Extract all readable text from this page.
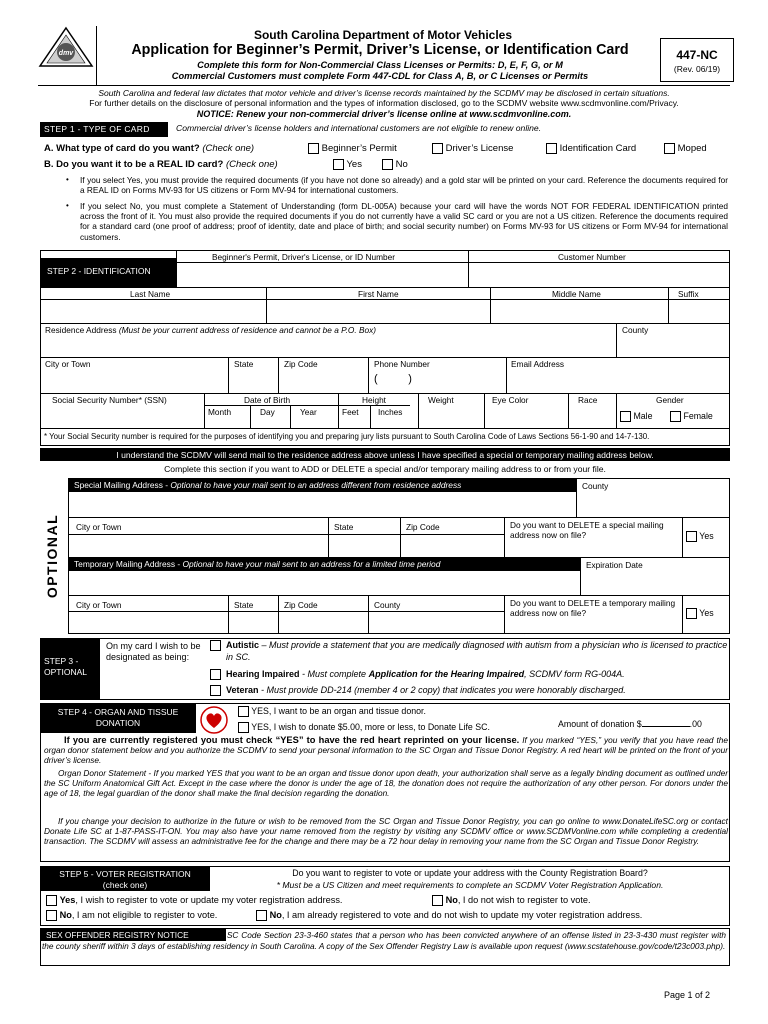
dmv
South Carolina Department of Motor Vehicles
Application for Beginner’s Permit, Driver’s License, or Identification Card
Complete this form for Non-Commercial Class Licenses or Permits: D, E, F, G, or M
Commercial Customers must complete Form 447-CDL for Class A, B, or C Licenses or Permits
447-NC
(Rev. 06/19)
South Carolina and federal law dictates that motor vehicle and driver’s license records maintained by the SCDMV may be disclosed in certain situations.
For further details on the disclosure of personal information and the types of information disclosed, go to the SCDMV website www.scdmvonline.com/Privacy.
NOTICE: Renew your non-commercial driver’s license online at www.scdmvonline.com.
STEP 1 - TYPE OF CARD	Commercial driver’s license holders and international customers are not eligible to renew online.
A. What type of card do you want? (Check one)	Beginner’s Permit	Driver’s License	Identification Card	Moped
B. Do you want it to be a REAL ID card? (Check one)	Yes	No
• If you select Yes, you must provide the required documents (if you have not done so already) and a gold star will be printed on your card. Reference the documents required for a REAL ID on Forms MV-93 for US citizens or Form MV-94 for international customers.
• If you select No, you must complete a Statement of Understanding (form DL-005A) because your card will have the words NOT FOR FEDERAL IDENTIFICATION printed across the front of it. You must also provide the required documents if you do not currently have a valid SC card or you are not a US citizen. Reference the documents required for a standard card (one proof of address; proof of identity, date and place of birth; and social security number) on Forms MV-93 for US citizens or Form MV-94 for international customers.
STEP 2 - IDENTIFICATION
Beginner's Permit, Driver's License, or ID Number	Customer Number
Last Name	First Name	Middle Name	Suffix
Residence Address (Must be your current address of residence and cannot be a P.O. Box)	County
City or Town	State	Zip Code	Phone Number	Email Address
(          )
Social Security Number* (SSN)	Date of Birth	Height	Weight	Eye Color	Race	Gender
Month	Day	Year	Feet Inches	Male	Female
* Your Social Security number is required for the purposes of identifying you and preparing jury lists pursuant to South Carolina Code of Laws Sections 56-1-90 and 14-7-130.
I understand the SCDMV will send mail to the residence address above unless I have specified a special or temporary mailing address below.
Complete this section if you want to ADD or DELETE a special and/or temporary mailing address to or from your file.
OPTIONAL
Special Mailing Address - Optional to have your mail sent to an address different from residence address	County
City or Town	State	Zip Code	Do you want to DELETE a special mailing address now on file?	Yes
Temporary Mailing Address - Optional to have your mail sent to an address for a limited time period	Expiration Date
City or Town	State	Zip Code	County	Do you want to DELETE a temporary mailing address now on file?	Yes
STEP 3 -
OPTIONAL
On my card I wish to be designated as being:
Autistic – Must provide a statement that you are medically diagnosed with autism from a physician who is licensed to practice in SC.
Hearing Impaired - Must complete Application for the Hearing Impaired, SCDMV form RG-004A.
Veteran - Must provide DD-214 (member 4 or 2 copy) that indicates you were honorably discharged.
STEP 4 - ORGAN AND TISSUE DONATION
YES, I want to be an organ and tissue donor.
YES, I wish to donate $5.00, more or less, to Donate Life SC.	Amount of donation $	.00
If you are currently registered you must check “YES” to have the red heart reprinted on your license. If you marked “YES,” you verify that you have read the organ donor statement below and you authorize the SCDMV to send your personal information to the SC Organ and Tissue Donor Registry. A red heart will be printed on the front of your driver’s license.
Organ Donor Statement - If you marked YES that you want to be an organ and tissue donor upon death, your authorization shall serve as a legally binding document as outlined under the SC Uniform Anatomical Gift Act. Except in the case where the donor is under the age of 18, the donation does not require the authorization of any other person. For donors under the age of 18, the legal guardian of the donor shall make the final decision regarding the donation.
If you change your decision to authorize in the future or wish to be removed from the SC Organ and Tissue Donor Registry, you can go online to www.DonateLifeSC.org or contact Donate Life SC at 1-87-PASS-IT-ON. You may also have your name removed from the registry by visiting any SCDMV office or www.SCDMVonline.com while completing a credential transaction. The SCDMV will assess an administrative fee for the change and there may be a 72 hour delay in removing your name from the SC Organ and Tissue Donor Registry.
STEP 5 - VOTER REGISTRATION
(check one)
Do you want to register to vote or update your address with the County Registration Board?
* Must be a US Citizen and meet requirements to complete an SCDMV Voter Registration Application.
Yes, I wish to register to vote or update my voter registration address.	No, I do not wish to register to vote.
No, I am not eligible to register to vote.	No, I am already registered to vote and do not wish to update my voter registration address.
SEX OFFENDER REGISTRY NOTICE	SC Code Section 23-3-460 states that a person who has been convicted anywhere of an offense listed in 23-3-430 must register with the county sheriff within 3 days of establishing residency in South Carolina. A copy of the Sex Offender Registry Law is available upon request (www.scstatehouse.gov/code/t23c003.php).
Page 1 of 2
